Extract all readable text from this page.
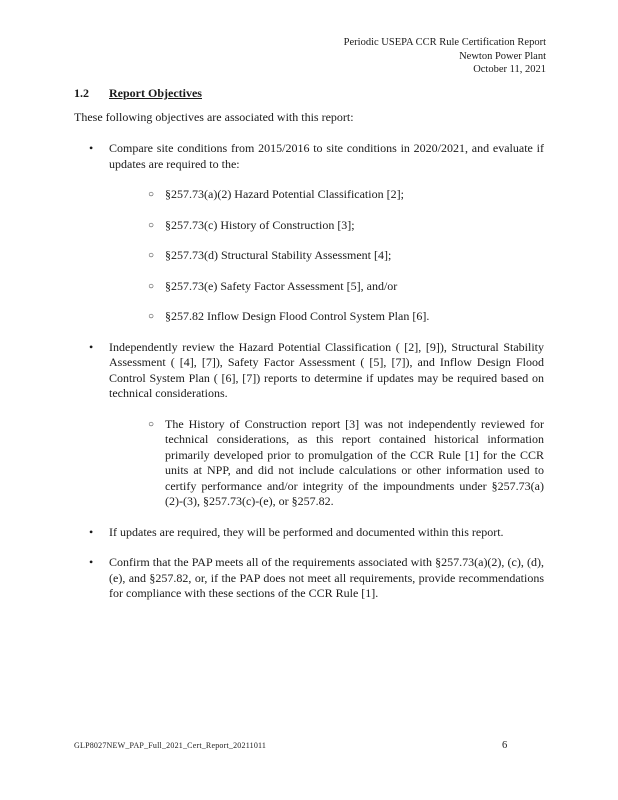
Periodic USEPA CCR Rule Certification Report
Newton Power Plant
October 11, 2021
1.2 Report Objectives
These following objectives are associated with this report:
• Compare site conditions from 2015/2016 to site conditions in 2020/2021, and evaluate if updates are required to the:
○ §257.73(a)(2) Hazard Potential Classification [2];
○ §257.73(c) History of Construction [3];
○ §257.73(d) Structural Stability Assessment [4];
○ §257.73(e) Safety Factor Assessment [5], and/or
○ §257.82 Inflow Design Flood Control System Plan [6].
• Independently review the Hazard Potential Classification ( [2], [9]), Structural Stability Assessment ( [4], [7]), Safety Factor Assessment ( [5], [7]), and Inflow Design Flood Control System Plan ( [6], [7]) reports to determine if updates may be required based on technical considerations.
○ The History of Construction report [3] was not independently reviewed for technical considerations, as this report contained historical information primarily developed prior to promulgation of the CCR Rule [1] for the CCR units at NPP, and did not include calculations or other information used to certify performance and/or integrity of the impoundments under §257.73(a)(2)-(3), §257.73(c)-(e), or §257.82.
• If updates are required, they will be performed and documented within this report.
• Confirm that the PAP meets all of the requirements associated with §257.73(a)(2), (c), (d), (e), and §257.82, or, if the PAP does not meet all requirements, provide recommendations for compliance with these sections of the CCR Rule [1].
GLP8027NEW_PAP_Full_2021_Cert_Report_20211011	6
